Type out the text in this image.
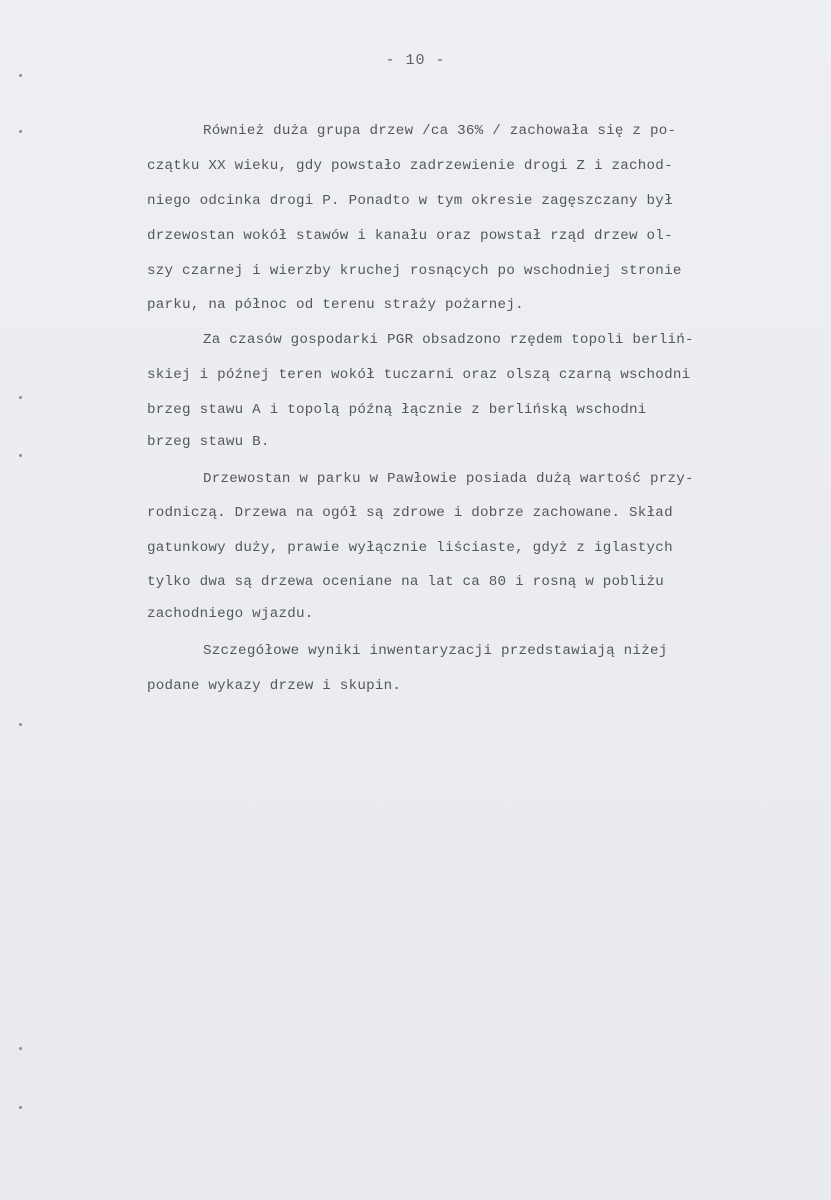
- 10 -
Również duża grupa drzew /ca 36% / zachowała się z po-
czątku XX wieku, gdy powstało zadrzewienie drogi Z i zachod-
niego odcinka drogi P. Ponadto w tym okresie zagęszczany był
drzewostan wokół stawów i kanału oraz powstał rząd drzew ol-
szy czarnej i wierzby kruchej rosnących po wschodniej stronie
parku, na północ od terenu straży pożarnej.
Za czasów gospodarki PGR obsadzono rzędem topoli berliń-
skiej i późnej teren wokół tuczarni oraz olszą czarną wschodni
brzeg stawu A i topolą późną łącznie z berlińską wschodni
brzeg stawu B.
Drzewostan w parku w Pawłowie posiada dużą wartość przy-
rodniczą. Drzewa na ogół są zdrowe i dobrze zachowane. Skład
gatunkowy duży, prawie wyłącznie liściaste, gdyż z iglastych
tylko dwa są drzewa oceniane na lat ca 80 i rosną w pobliżu
zachodniego wjazdu.
Szczegółowe wyniki inwentaryzacji przedstawiają niżej
podane wykazy drzew i skupin.
